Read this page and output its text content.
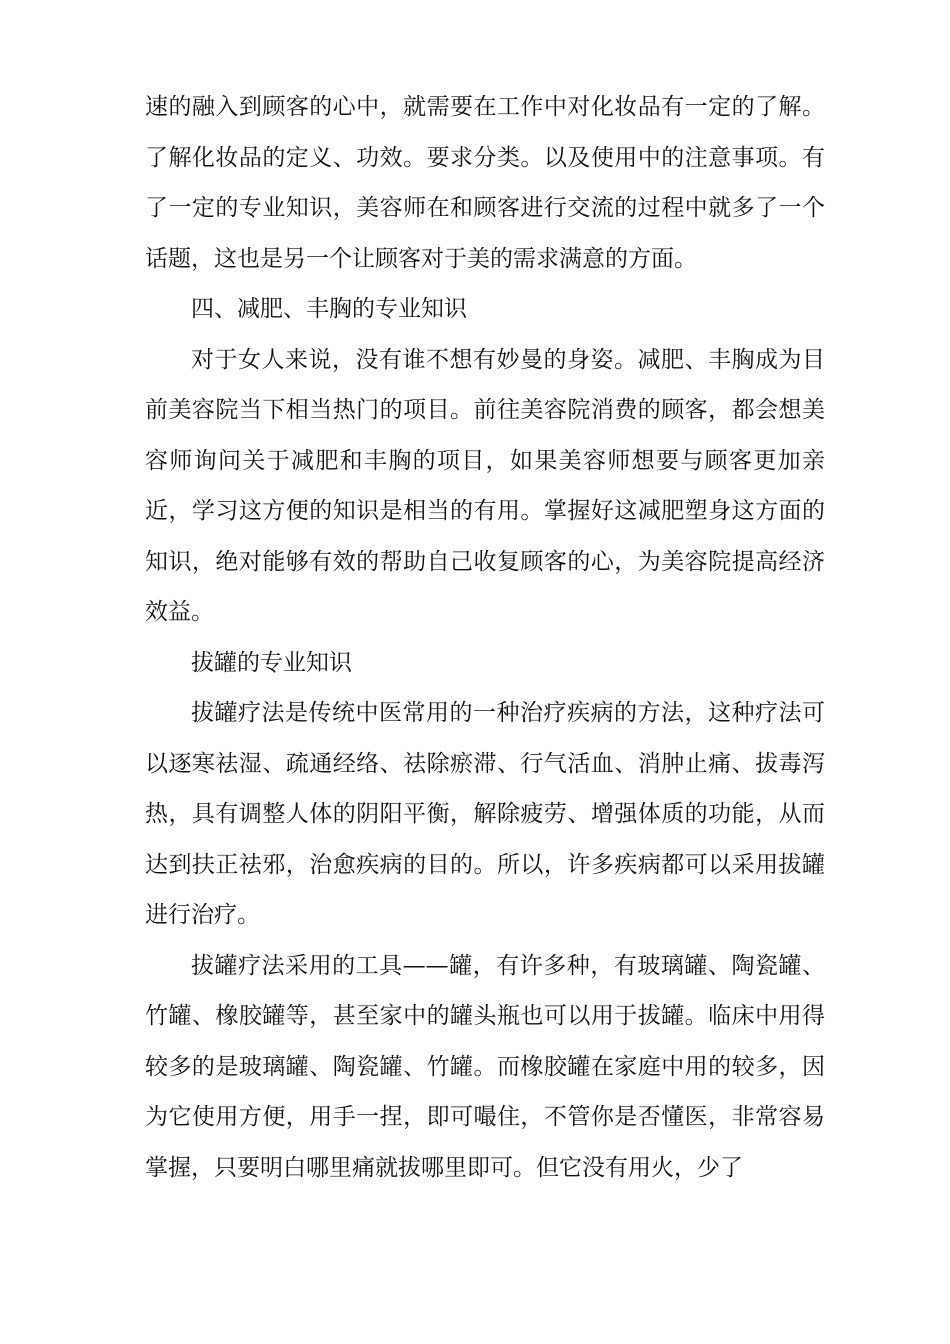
速的融入到顾客的心中，就需要在工作中对化妆品有一定的了解。了解化妆品的定义、功效。要求分类。以及使用中的注意事项。有了一定的专业知识，美容师在和顾客进行交流的过程中就多了一个话题，这也是另一个让顾客对于美的需求满意的方面。

四、减肥、丰胸的专业知识

对于女人来说，没有谁不想有妙曼的身姿。减肥、丰胸成为目前美容院当下相当热门的项目。前往美容院消费的顾客，都会想美容师询问关于减肥和丰胸的项目，如果美容师想要与顾客更加亲近，学习这方便的知识是相当的有用。掌握好这减肥塑身这方面的知识，绝对能够有效的帮助自己收复顾客的心，为美容院提高经济效益。

拔罐的专业知识

拔罐疗法是传统中医常用的一种治疗疾病的方法，这种疗法可以逐寒祛湿、疏通经络、祛除瘀滞、行气活血、消肿止痛、拔毒泻热，具有调整人体的阴阳平衡，解除疲劳、增强体质的功能，从而达到扶正祛邪，治愈疾病的目的。所以，许多疾病都可以采用拔罐进行治疗。

拔罐疗法采用的工具——罐，有许多种，有玻璃罐、陶瓷罐、竹罐、橡胶罐等，甚至家中的罐头瓶也可以用于拔罐。临床中用得较多的是玻璃罐、陶瓷罐、竹罐。而橡胶罐在家庭中用的较多，因为它使用方便，用手一捏，即可嘬住，不管你是否懂医，非常容易掌握，只要明白哪里痛就拔哪里即可。但它没有用火，少了
